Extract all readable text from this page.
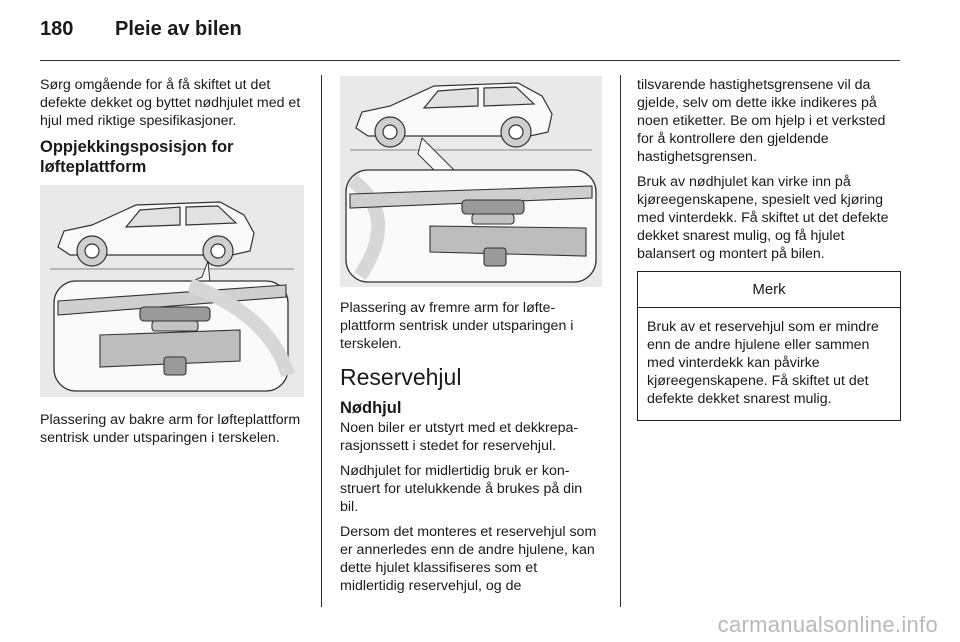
180 Pleie av bilen

Sørg omgående for å få skiftet ut det defekte dekket og byttet nødhjulet med et hjul med riktige spesifikasjoner.

Oppjekkingsposisjon for løfteplattform

Plassering av bakre arm for løfteplattform sentrisk under utsparingen i terskelen.

Plassering av fremre arm for løfteplattform sentrisk under utsparingen i terskelen.

Reservehjul
Nødhjul

Noen biler er utstyrt med et dekkreparasjonssett i stedet for reservehjul.

Nødhjulet for midlertidig bruk er konstruert for utelukkende å brukes på din bil.

Dersom det monteres et reservehjul som er annerledes enn de andre hjulene, kan dette hjulet klassifiseres som et midlertidig reservehjul, og de

tilsvarende hastighetsgrensene vil da gjelde, selv om dette ikke indikeres på noen etiketter. Be om hjelp i et verksted for å kontrollere den gjeldende hastighetsgrensen.

Bruk av nødhjulet kan virke inn på kjøreegenskapene, spesielt ved kjøring med vinterdekk. Få skiftet ut det defekte dekket snarest mulig, og få hjulet balansert og montert på bilen.

Merk

Bruk av et reservehjul som er mindre enn de andre hjulene eller sammen med vinterdekk kan påvirke kjøreegenskapene. Få skiftet ut det defekte dekket snarest mulig.

carmanualsonline.info
